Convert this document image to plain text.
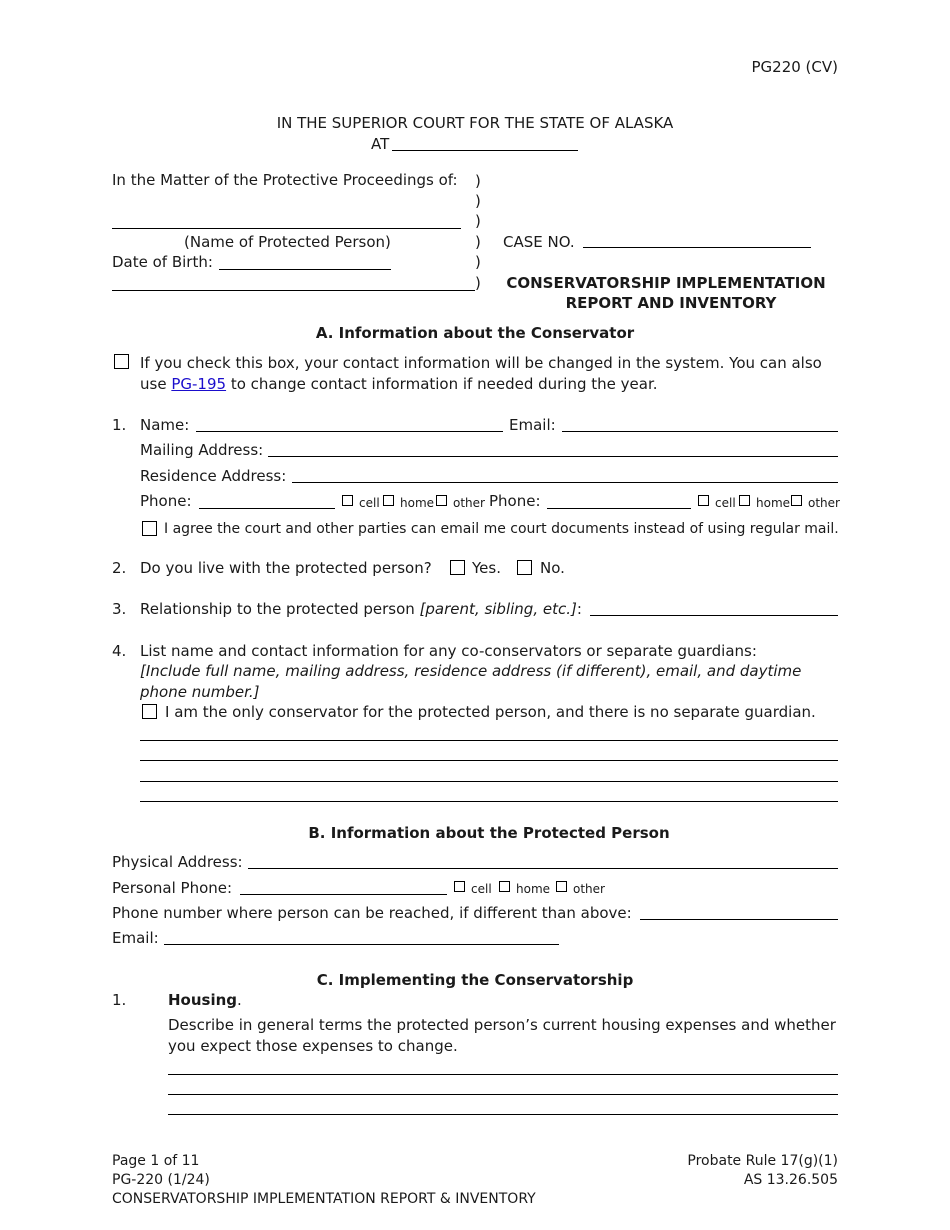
PG220 (CV)
IN THE SUPERIOR COURT FOR THE STATE OF ALASKA
AT
In the Matter of the Protective Proceedings of: )
)
)
)
)
)
(Name of Protected Person)
Date of Birth:
CASE NO.
CONSERVATORSHIP IMPLEMENTATION
REPORT AND INVENTORY
A. Information about the Conservator
If you check this box, your contact information will be changed in the system. You can also
use PG-195 to change contact information if needed during the year.
1. Name:	Email:
Mailing Address:
Residence Address:
Phone:	cell home other Phone:	cell home other
I agree the court and other parties can email me court documents instead of using regular mail.
2. Do you live with the protected person?	Yes.	No.
3. Relationship to the protected person [parent, sibling, etc.]:
4. List name and contact information for any co-conservators or separate guardians:
[Include full name, mailing address, residence address (if different), email, and daytime
phone number.]
I am the only conservator for the protected person, and there is no separate guardian.
B. Information about the Protected Person
Physical Address:
Personal Phone:	cell home other
Phone number where person can be reached, if different than above:
Email:
C. Implementing the Conservatorship
1.	Housing.
Describe in general terms the protected person’s current housing expenses and whether
you expect those expenses to change.
Page 1 of 11
PG-220 (1/24)
CONSERVATORSHIP IMPLEMENTATION REPORT & INVENTORY
Probate Rule 17(g)(1)
AS 13.26.505
